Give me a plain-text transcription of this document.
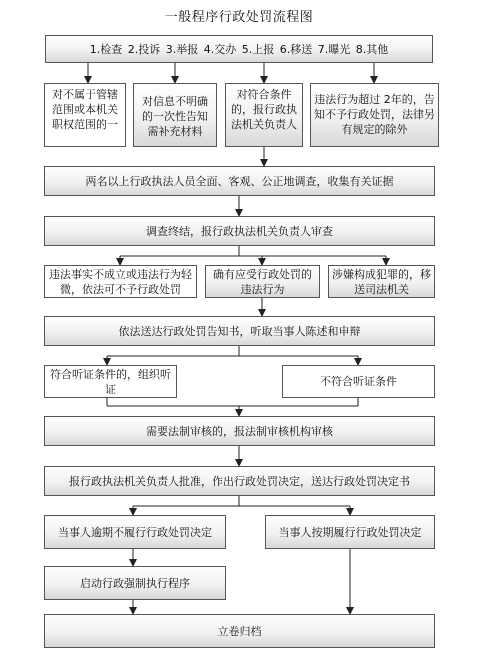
一般程序行政处罚流程图
1.检查 2.投诉 3.举报 4.交办 5.上报 6.移送 7.曝光 8.其他
对不属于管辖范围或本机关职权范围的一
对信息不明确的一次性告知需补充材料
对符合条件的，报行政执法机关负责人
违法行为超过 2年的，告知不予行政处罚，法律另有规定的除外
两名以上行政执法人员全面、客观、公正地调查，收集有关证据
调查终结，报行政执法机关负责人审查
违法事实不成立或违法行为轻微，依法可不予行政处罚
确有应受行政处罚的违法行为
涉嫌构成犯罪的，移送司法机关
依法送达行政处罚告知书，听取当事人陈述和申辩
符合听证条件的，组织听证
不符合听证条件
需要法制审核的，报法制审核机构审核
报行政执法机关负责人批准，作出行政处罚决定，送达行政处罚决定书
当事人逾期不履行行政处罚决定	当事人按期履行行政处罚决定
启动行政强制执行程序
立卷归档
